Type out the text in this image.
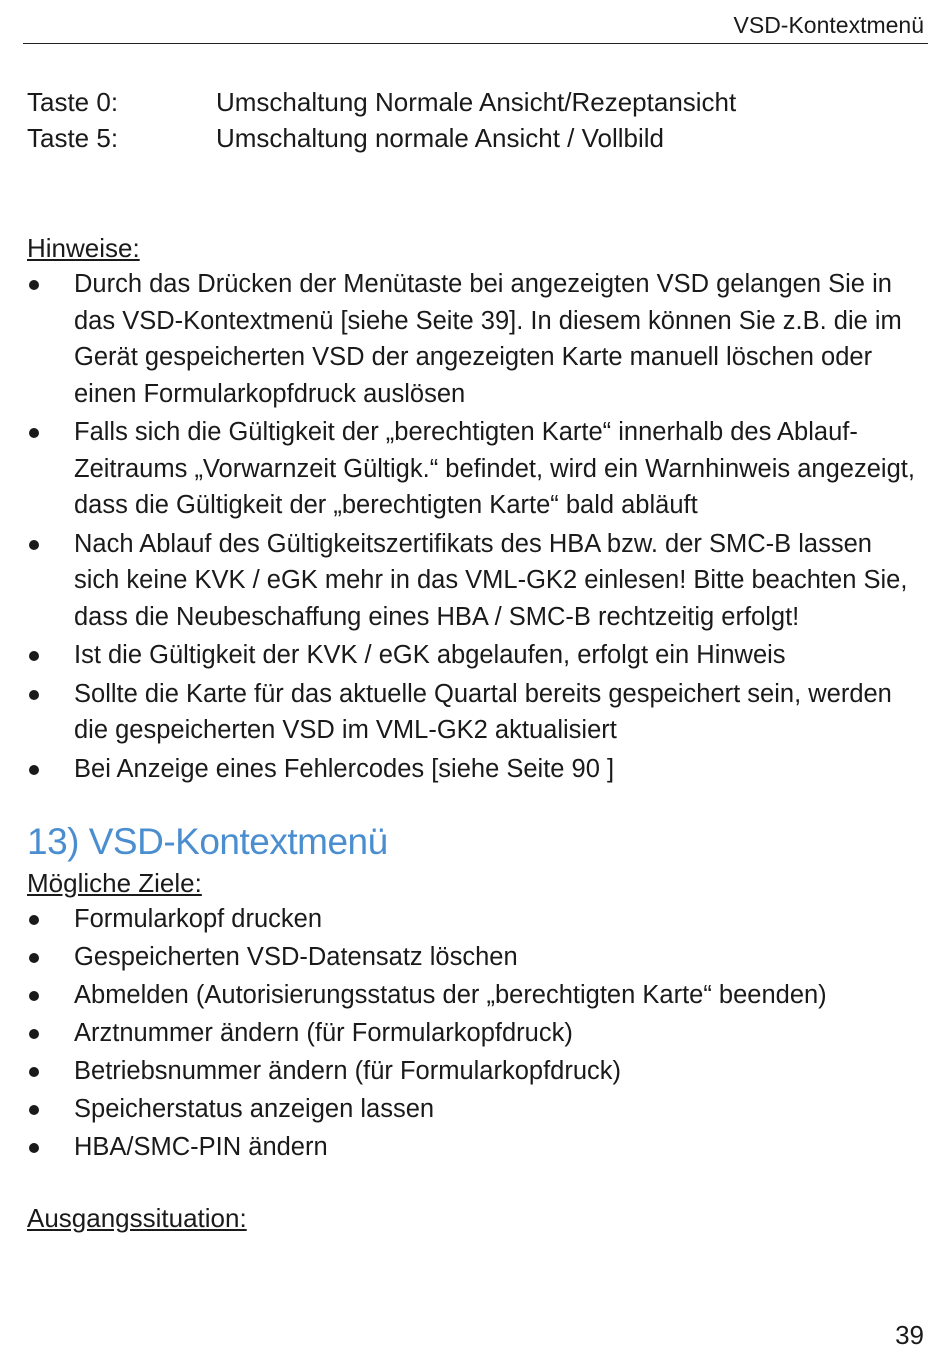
VSD-Kontextmenü
Taste 0:	Umschaltung Normale Ansicht/Rezeptansicht
Taste 5:	Umschaltung normale Ansicht / Vollbild
Hinweise:
Durch das Drücken der Menütaste bei angezeigten VSD gelangen Sie in das VSD-Kontextmenü [siehe Seite 39]. In diesem können Sie z.B. die im Gerät gespeicherten VSD der angezeigten Karte manuell löschen oder einen Formularkopfdruck auslösen
Falls sich die Gültigkeit der „berechtigten Karte“ innerhalb des Ablauf-Zeitraums „Vorwarnzeit Gültigk.“ befindet, wird ein Warnhinweis angezeigt, dass die Gültigkeit der „berechtigten Karte“ bald abläuft
Nach Ablauf des Gültigkeitszertifikats des HBA bzw. der SMC-B lassen sich keine KVK / eGK mehr in das VML-GK2 einlesen! Bitte beachten Sie, dass die Neubeschaffung eines HBA / SMC-B rechtzeitig erfolgt!
Ist die Gültigkeit der KVK / eGK abgelaufen, erfolgt ein Hinweis
Sollte die Karte für das aktuelle Quartal bereits gespeichert sein, werden die gespeicherten VSD im VML-GK2 aktualisiert
Bei Anzeige eines Fehlercodes [siehe Seite 90 ]
13) VSD-Kontextmenü
Mögliche Ziele:
Formularkopf drucken
Gespeicherten VSD-Datensatz löschen
Abmelden (Autorisierungsstatus der „berechtigten Karte“ beenden)
Arztnummer ändern (für Formularkopfdruck)
Betriebsnummer ändern (für Formularkopfdruck)
Speicherstatus anzeigen lassen
HBA/SMC-PIN ändern
Ausgangssituation:
39
